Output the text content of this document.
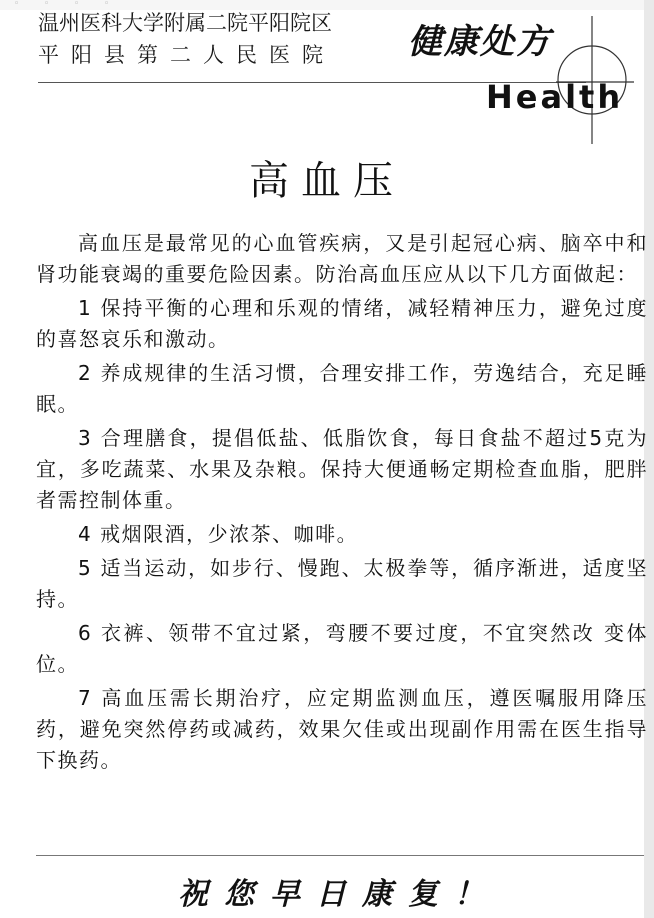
◦	◦	◦	◦
温州医科大学附属二院平阳院区
平阳县第二人民医院 健康处方
Health
高血压

高血压是最常见的心血管疾病，又是引起冠心病、脑卒中和肾功能衰竭的重要危险因素。防治高血压应从以下几方面做起：

1 保持平衡的心理和乐观的情绪，减轻精神压力，避免过度的喜怒哀乐和激动。

2 养成规律的生活习惯，合理安排工作，劳逸结合，充足睡眠。

3 合理膳食，提倡低盐、低脂饮食，每日食盐不超过5克为宜，多吃蔬菜、水果及杂粮。保持大便通畅定期检查血脂，肥胖者需控制体重。

4 戒烟限酒，少浓茶、咖啡。

5 适当运动，如步行、慢跑、太极拳等，循序渐进，适度坚持。

6 衣裤、领带不宜过紧，弯腰不要过度，不宜突然改 变体位。

7 高血压需长期治疗，应定期监测血压，遵医嘱服用降压药，避免突然停药或减药，效果欠佳或出现副作用需在医生指导下换药。

祝您早日康复！
